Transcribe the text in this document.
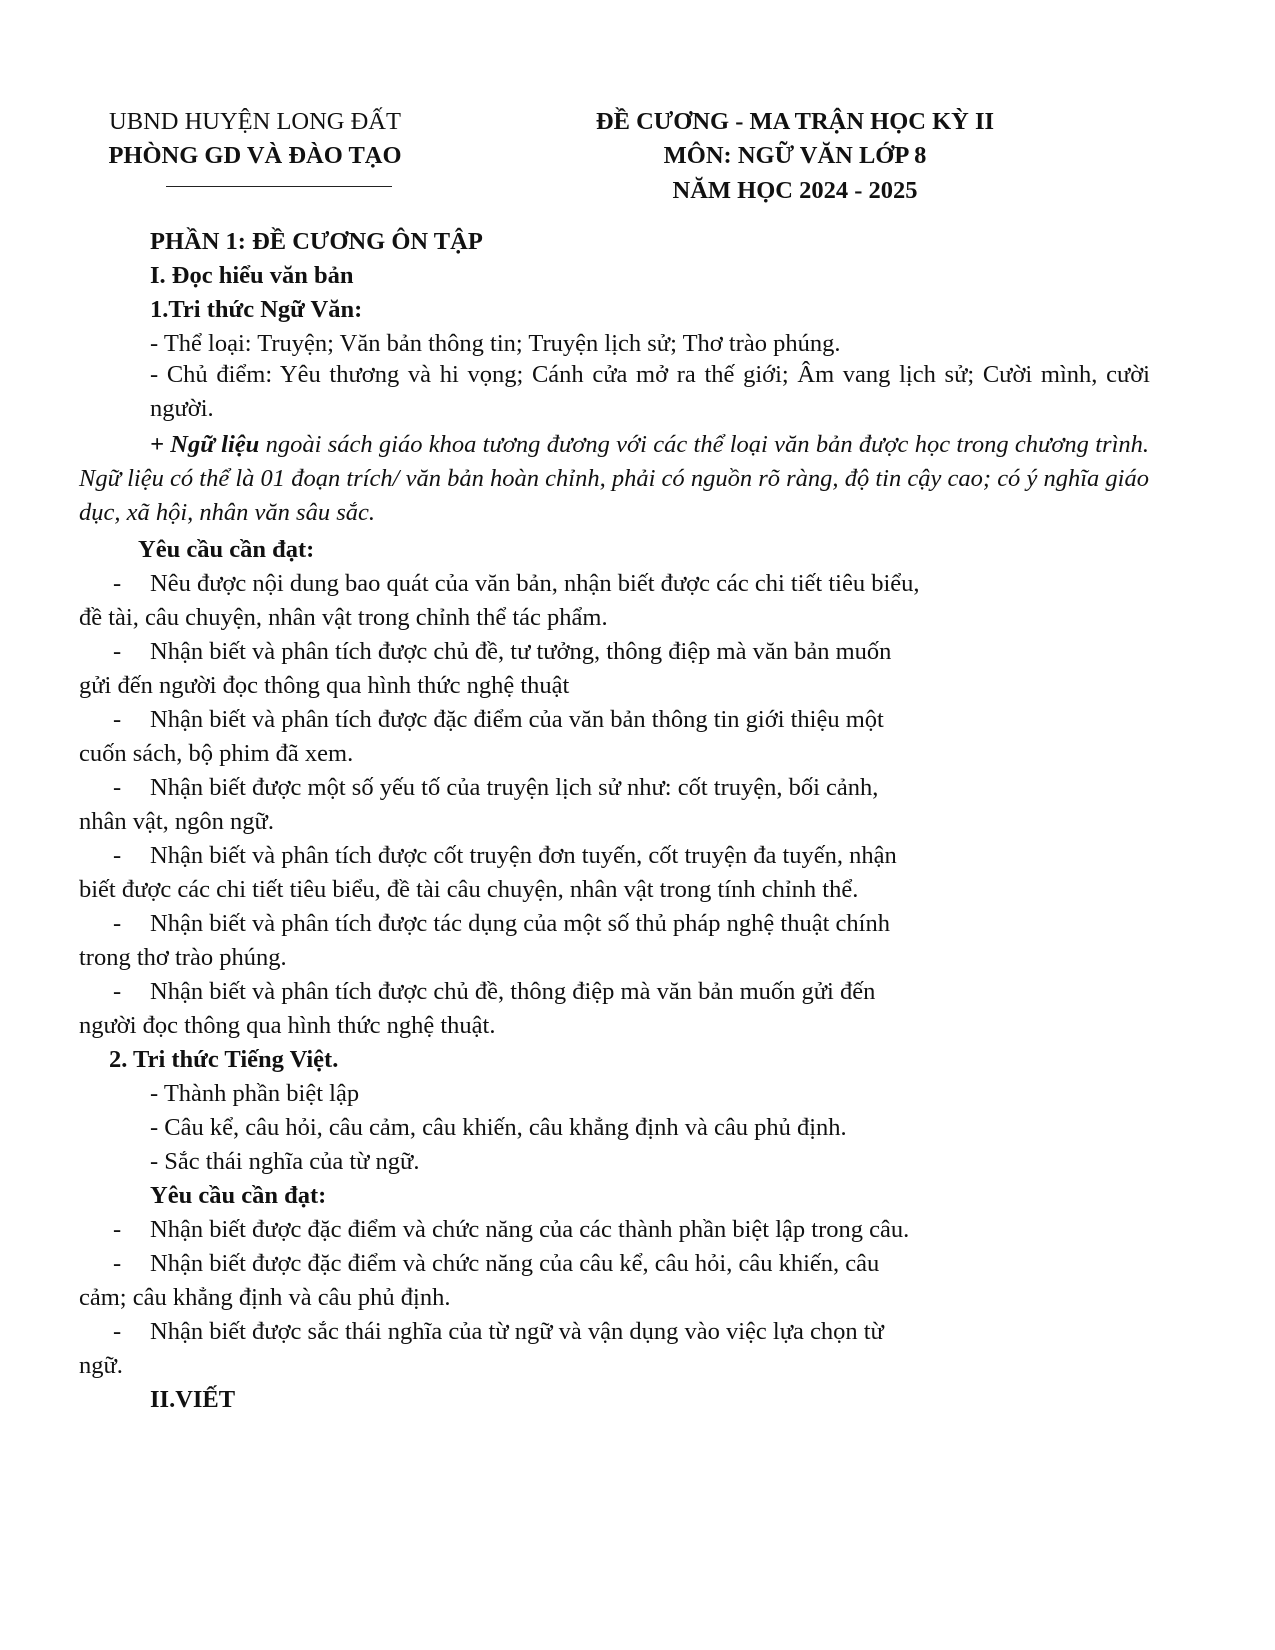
UBND HUYỆN LONG ĐẤT
PHÒNG GD VÀ ĐÀO TẠO
ĐỀ CƯƠNG - MA TRẬN HỌC KỲ II
MÔN: NGỮ VĂN LỚP 8
NĂM HỌC 2024 - 2025
PHẦN 1: ĐỀ CƯƠNG ÔN TẬP
I. Đọc hiểu văn bản
1.Tri thức Ngữ Văn:
- Thể loại: Truyện; Văn bản thông tin; Truyện lịch sử; Thơ trào phúng.
- Chủ điểm: Yêu thương và hi vọng; Cánh cửa mở ra thế giới; Âm vang lịch sử; Cười mình, cười người.
+ Ngữ liệu ngoài sách giáo khoa tương đương với các thể loại văn bản được học trong chương trình. Ngữ liệu có thể là 01 đoạn trích/ văn bản hoàn chỉnh, phải có nguồn rõ ràng, độ tin cậy cao; có ý nghĩa giáo dục, xã hội, nhân văn sâu sắc.
Yêu cầu cần đạt:
- Nêu được nội dung bao quát của văn bản, nhận biết được các chi tiết tiêu biểu,
đề tài, câu chuyện, nhân vật trong chỉnh thể tác phẩm.
- Nhận biết và phân tích được chủ đề, tư tưởng, thông điệp mà văn bản muốn
gửi đến người đọc thông qua hình thức nghệ thuật
- Nhận biết và phân tích được đặc điểm của văn bản thông tin giới thiệu một
cuốn sách, bộ phim đã xem.
- Nhận biết được một số yếu tố của truyện lịch sử như: cốt truyện, bối cảnh,
nhân vật, ngôn ngữ.
- Nhận biết và phân tích được cốt truyện đơn tuyến, cốt truyện đa tuyến, nhận
biết được các chi tiết tiêu biểu, đề tài câu chuyện, nhân vật trong tính chỉnh thể.
- Nhận biết và phân tích được tác dụng của một số thủ pháp nghệ thuật chính
trong thơ trào phúng.
- Nhận biết và phân tích được chủ đề, thông điệp mà văn bản muốn gửi đến
người đọc thông qua hình thức nghệ thuật.
2. Tri thức Tiếng Việt.
- Thành phần biệt lập
- Câu kể, câu hỏi, câu cảm, câu khiến, câu khẳng định và câu phủ định.
- Sắc thái nghĩa của từ ngữ.
Yêu cầu cần đạt:
- Nhận biết được đặc điểm và chức năng của các thành phần biệt lập trong câu.
- Nhận biết được đặc điểm và chức năng của câu kể, câu hỏi, câu khiến, câu
cảm; câu khẳng định và câu phủ định.
- Nhận biết được sắc thái nghĩa của từ ngữ và vận dụng vào việc lựa chọn từ
ngữ.
II.VIẾT
